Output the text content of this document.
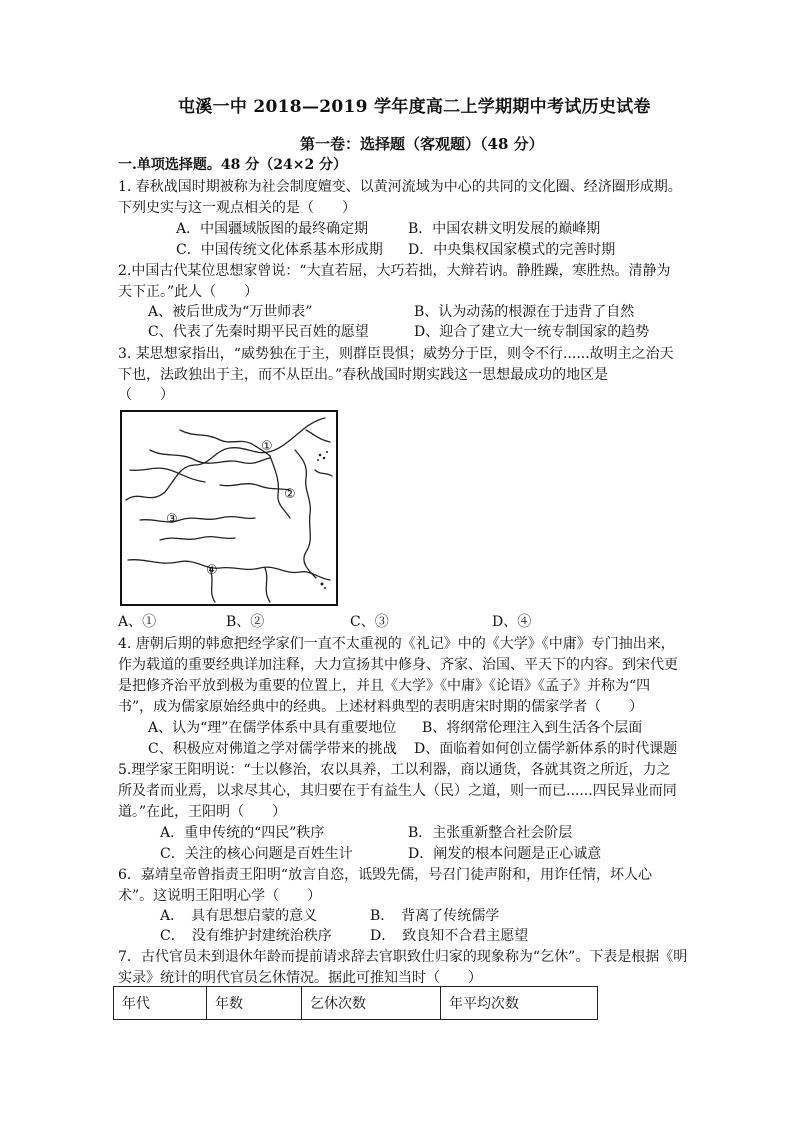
屯溪一中 2018—2019 学年度高二上学期期中考试历史试卷
第一卷：选择题（客观题）（48 分）
一.单项选择题。48 分（24×2 分）
1. 春秋战国时期被称为社会制度嬗变、以黄河流域为中心的共同的文化圈、经济圈形成期。
下列史实与这一观点相关的是（　　）
A．中国疆域版图的最终确定期	B．中国农耕文明发展的巅峰期
C．中国传统文化体系基本形成期 D．中央集权国家模式的完善时期
2.中国古代某位思想家曾说：“大直若屈，大巧若拙，大辩若讷。静胜躁，寒胜热。清静为
天下正。”此人（　　）
A、被后世成为“万世师表”	B、认为动荡的根源在于违背了自然
C、代表了先秦时期平民百姓的愿望	D、迎合了建立大一统专制国家的趋势
3. 某思想家指出，“威势独在于主，则群臣畏惧；威势分于臣，则令不行......故明主之治天
下也，法政独出于主，而不从臣出。”春秋战国时期实践这一思想最成功的地区是
（　　）
①
②
③
④
A、①	B、②	C、③	D、④
4. 唐朝后期的韩愈把经学家们一直不太重视的《礼记》中的《大学》《中庸》专门抽出来，
作为载道的重要经典详加注释，大力宣扬其中修身、齐家、治国、平天下的内容。到宋代更
是把修齐治平放到极为重要的位置上，并且《大学》《中庸》《论语》《孟子》并称为“四
书”，成为儒家原始经典中的经典。上述材料典型的表明唐宋时期的儒家学者（　　）
A、认为“理”在儒学体系中具有重要地位 B、将纲常伦理注入到生活各个层面
C、积极应对佛道之学对儒学带来的挑战 D、面临着如何创立儒学新体系的时代课题
5.理学家王阳明说：“士以修治，农以具养，工以利器，商以通货，各就其资之所近，力之
所及者而业焉，以求尽其心，其归要在于有益生人（民）之道，则一而已......四民异业而同
道。”在此，王阳明（　　）
A．重申传统的“四民”秩序	B．主张重新整合社会阶层
C．关注的核心问题是百姓生计	D．阐发的根本问题是正心诚意
6．嘉靖皇帝曾指责王阳明“放言自恣，诋毁先儒，号召门徒声附和，用诈任情，坏人心
术”。这说明王阳明心学（　　）
A．　具有思想启蒙的意义	B．　背离了传统儒学
C．　没有维护封建统治秩序	D．　致良知不合君主愿望
7．古代官员未到退休年龄而提前请求辞去官职致仕归家的现象称为“乞休”。下表是根据《明
实录》统计的明代官员乞休情况。据此可推知当时（　　）
年代	年数	乞休次数	年平均次数
